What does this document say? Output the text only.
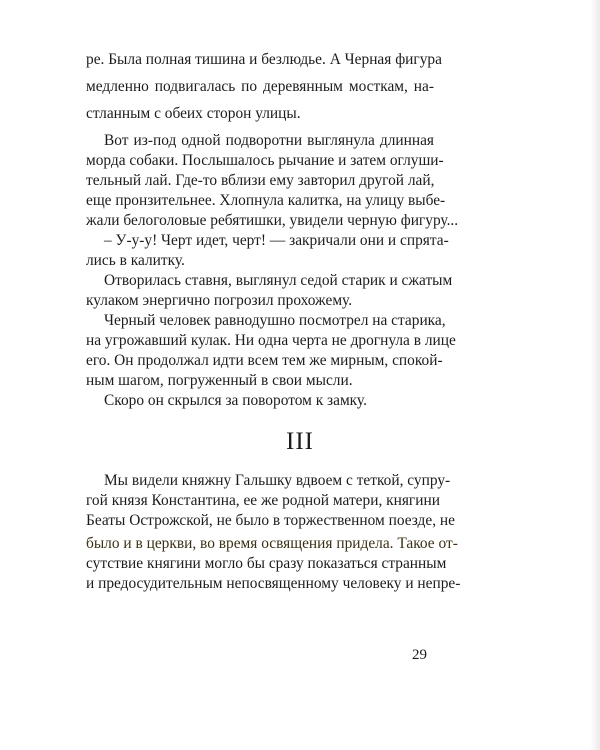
ре. Была полная тишина и безлюдье. А Черная фигура
медленно подвигалась по деревянным мосткам, на-
стланным с обеих сторон улицы.
Вот из-под одной подворотни выглянула длинная
морда собаки. Послышалось рычание и затем оглуши-
тельный лай. Где-то вблизи ему завторил другой лай,
еще пронзительнее. Хлопнула калитка, на улицу выбе-
жали белоголовые ребятишки, увидели черную фигуру...
– У-у-у! Черт идет, черт! — закричали они и спрята-
лись в калитку.
Отворилась ставня, выглянул седой старик и сжатым
кулаком энергично погрозил прохожему.
Черный человек равнодушно посмотрел на старика,
на угрожавший кулак. Ни одна черта не дрогнула в лице
его. Он продолжал идти всем тем же мирным, спокой-
ным шагом, погруженный в свои мысли.
Скоро он скрылся за поворотом к замку.
III
Мы видели княжну Гальшку вдвоем с теткой, супру-
гой князя Константина, ее же родной матери, княгини
Беаты Острожской, не было в торжественном поезде, не
было и в церкви, во время освящения придела. Такое от-
сутствие княгини могло бы сразу показаться странным
и предосудительным непосвященному человеку и непре-
29
